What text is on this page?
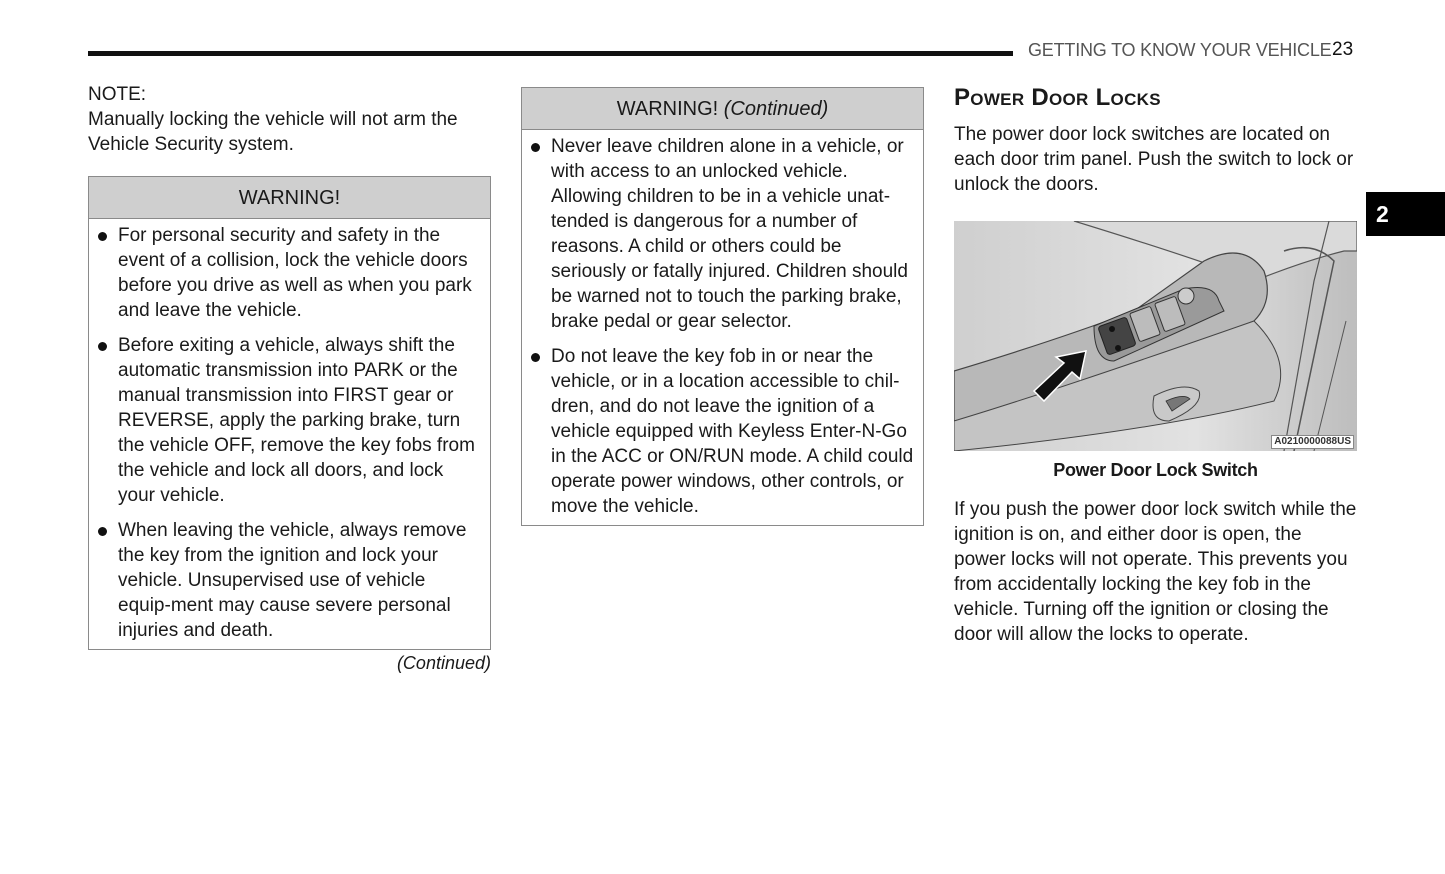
GETTING TO KNOW YOUR VEHICLE 23
2

NOTE:

Manually locking the vehicle will not arm the Vehicle Security system.

WARNING!
For personal security and safety in the event of a collision, lock the vehicle doors before you drive as well as when you park and leave the vehicle.
Before exiting a vehicle, always shift the automatic transmission into PARK or the manual transmission into FIRST gear or REVERSE, apply the parking brake, turn the vehicle OFF, remove the key fobs from the vehicle and lock all doors, and lock your vehicle.
When leaving the vehicle, always remove the key from the ignition and lock your vehicle. Unsupervised use of vehicle equip-ment may cause severe personal injuries and death.
(Continued)
WARNING! (Continued)
Never leave children alone in a vehicle, or with access to an unlocked vehicle. Allowing children to be in a vehicle unat-tended is dangerous for a number of reasons. A child or others could be seriously or fatally injured. Children should be warned not to touch the parking brake, brake pedal or gear selector.
Do not leave the key fob in or near the vehicle, or in a location accessible to chil-dren, and do not leave the ignition of a vehicle equipped with Keyless Enter-N-Go in the ACC or ON/RUN mode. A child could operate power windows, other controls, or move the vehicle.
Power Door Locks

The power door lock switches are located on each door trim panel. Push the switch to lock or unlock the doors.

A0210000088US
Power Door Lock Switch

If you push the power door lock switch while the ignition is on, and either door is open, the power locks will not operate. This prevents you from accidentally locking the key fob in the vehicle. Turning off the ignition or closing the door will allow the locks to operate.
